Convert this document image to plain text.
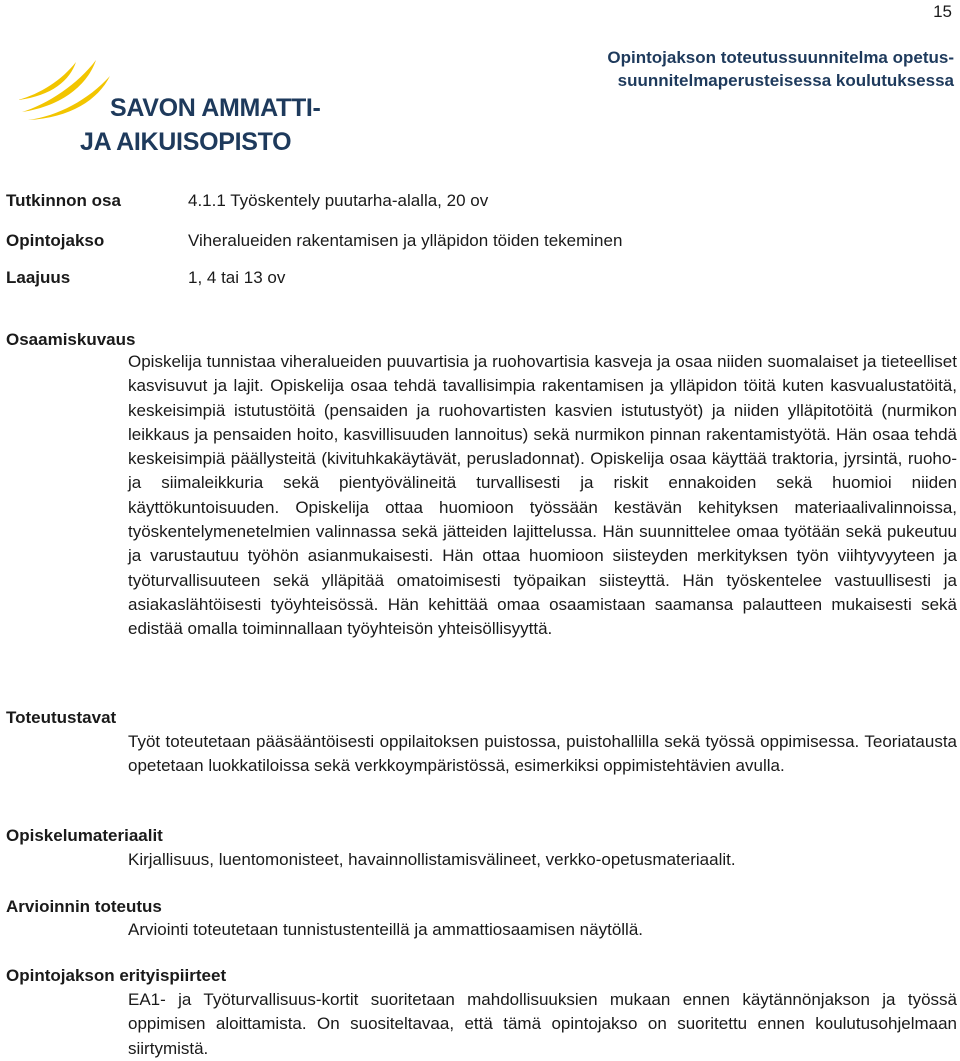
15
Opintojakson toteutussuunnitelma opetus-
suunnitelmaperusteisessa koulutuksessa
SAVON AMMATTI-
JA AIKUISOPISTO
Tutkinnon osa	4.1.1 Työskentely puutarha-alalla, 20 ov
Opintojakso	Viheralueiden rakentamisen ja ylläpidon töiden tekeminen
Laajuus	1, 4 tai 13 ov
Osaamiskuvaus
Opiskelija tunnistaa viheralueiden puuvartisia ja ruohovartisia kasveja ja osaa niiden suomalaiset ja tieteelliset kasvisuvut ja lajit. Opiskelija osaa tehdä tavallisimpia rakentamisen ja ylläpidon töitä kuten kasvualustatöitä, keskeisimpiä istutustöitä (pensaiden ja ruohovartisten kasvien istutustyöt) ja niiden ylläpitotöitä (nurmikon leikkaus ja pensaiden hoito, kasvillisuuden lannoitus) sekä nurmikon pinnan rakentamistyötä. Hän osaa tehdä keskeisimpiä päällysteitä (kivituhkakäytävät, perusladonnat). Opiskelija osaa käyttää traktoria, jyrsintä, ruoho- ja siimaleikkuria sekä pientyövälineitä turvallisesti ja riskit ennakoiden sekä huomioi niiden käyttökuntoisuuden. Opiskelija ottaa huomioon työssään kestävän kehityksen materiaalivalinnoissa, työskentelymenetelmien valinnassa sekä jätteiden lajittelussa. Hän suunnittelee omaa työtään sekä pukeutuu ja varustautuu työhön asianmukaisesti. Hän ottaa huomioon siisteyden merkityksen työn viihtyvyyteen ja työturvallisuuteen sekä ylläpitää omatoimisesti työpaikan siisteyttä. Hän työskentelee vastuullisesti ja asiakaslähtöisesti työyhteisössä. Hän kehittää omaa osaamistaan saamansa palautteen mukaisesti sekä edistää omalla toiminnallaan työyhteisön yhteisöllisyyttä.
Toteutustavat
Työt toteutetaan pääsääntöisesti oppilaitoksen puistossa, puistohallilla sekä työssä oppimisessa. Teoriatausta opetetaan luokkatiloissa sekä verkkoympäristössä, esimerkiksi oppimistehtävien avulla.
Opiskelumateriaalit
Kirjallisuus, luentomonisteet, havainnollistamisvälineet, verkko-opetusmateriaalit.
Arvioinnin toteutus
Arviointi toteutetaan tunnistustenteillä ja ammattiosaamisen näytöllä.
Opintojakson erityispiirteet
EA1- ja Työturvallisuus-kortit suoritetaan mahdollisuuksien mukaan ennen käytännönjakson ja työssä oppimisen aloittamista. On suositeltavaa, että tämä opintojakso on suoritettu ennen koulutusohjelmaan siirtymistä.
